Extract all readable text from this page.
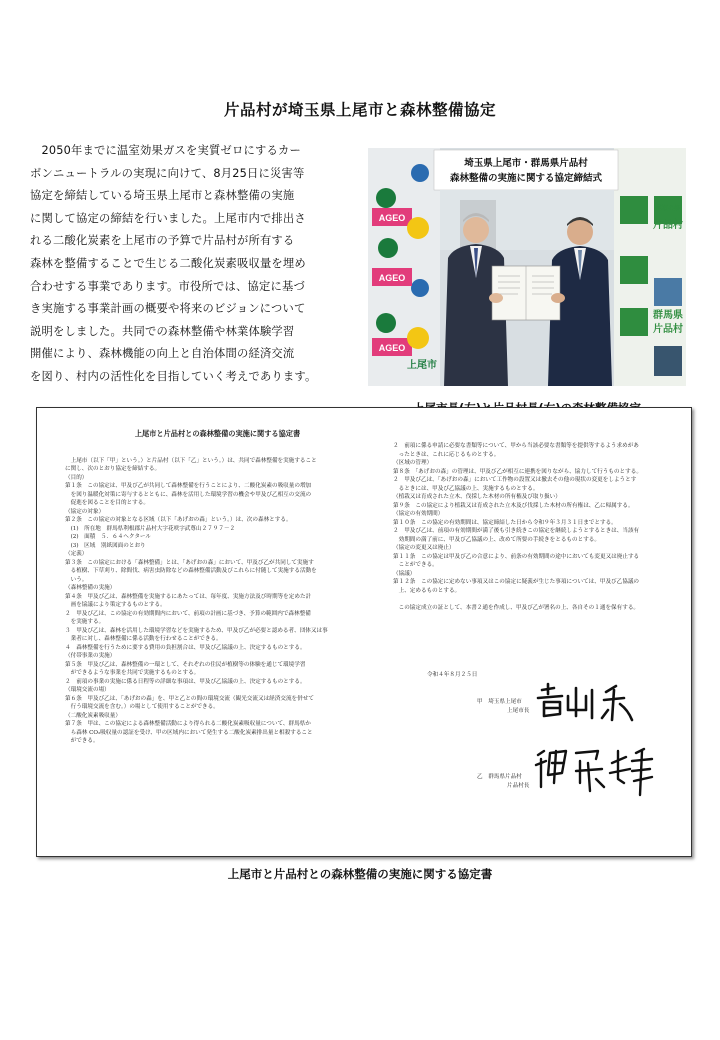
片品村が埼玉県上尾市と森林整備協定

　2050年までに温室効果ガスを実質ゼロにするカー
ボンニュートラルの実現に向けて、8月25日に災害等
協定を締結している埼玉県上尾市と森林整備の実施
に関して協定の締結を行いました。上尾市内で排出さ
れる二酸化炭素を上尾市の予算で片品村が所有する
森林を整備することで生じる二酸化炭素吸収量を埋め
合わせする事業であります。市役所では、協定に基づ
き実施する事業計画の概要や将来のビジョンについて
説明をしました。共同での森林整備や林業体験学習
開催により、森林機能の向上と自治体間の経済交流
を図り、村内の活性化を目指していく考えであります。

AGEO
AGEO
AGEO
上尾市
尾瀬の郷
片品村
群馬県
片品村
埼玉県上尾市・群馬県片品村
森林整備の実施に関する協定締結式

上尾市と片品村との森林整備の実施に関する協定書

　上尾市（以下「甲」という。）と片品村（以下「乙」という。）は、共同で森林整備を実施すること

に関し、次のとおり協定を締結する。

（目的）

第１条　この協定は、甲及び乙が共同して森林整備を行うことにより、二酸化炭素の吸収量の増加

　を図り温暖化対策に寄与するとともに、森林を活用した環境学習の機会や甲及び乙相互の交流の

　促進を図ることを目的とする。

（協定の対象）

第２条　この協定の対象となる区域（以下「あげおの森」という。）は、次の森林とする。

　(1)　所在地　群馬県利根郡片品村大字花咲字武尊山２７９７－２

　(2)　面積　５．６４ヘクタール

　(3)　区域　別紙図面のとおり

（定義）

第３条　この協定における「森林整備」とは、「あげおの森」において、甲及び乙が共同して実施す

　る植樹、下草刈り、除間伐、病害虫防除などの森林整備活動及びこれらに付随して実施する活動を

　いう。

（森林整備の実施）

第４条　甲及び乙は、森林整備を実施するにあたっては、毎年度、実施方法及び時期等を定めた計

　画を協議により策定するものとする。

２　甲及び乙は、この協定の有効期間内において、前項の計画に基づき、予算の範囲内で森林整備

　を実施する。

３　甲及び乙は、森林を活用した環境学習などを実施するため、甲及び乙が必要と認める者、団体又は事

　業者に対し、森林整備に係る活動を行わせることができる。

４　森林整備を行うために要する費用の負担割合は、甲及び乙協議の上、決定するものとする。

（付帯事業の実施）

第５条　甲及び乙は、森林整備の一環として、それぞれの住民が植樹等の体験を通じて環境学習

　ができるような事業を共同で実施するものとする。

２　前項の事業の実施に係る日程等の詳細な事項は、甲及び乙協議の上、決定するものとする。

（環境交流の場）

第６条　甲及び乙は、「あげおの森」を、甲と乙との間の環境交流（観光交流又は経済交流を併せて

　行う環境交流を含む。）の場として使用することができる。

（二酸化炭素吸収量）

第７条　甲は、この協定による森林整備活動により得られる二酸化炭素吸収量について、群馬県か

　ら森林 CO₂吸収量の認証を受け、甲の区域内において発生する二酸化炭素排出量と相殺すること

　ができる。

２　前項に係る申請に必要な書類等について、甲から当該必要な書類等を提供等するよう求めがあ

　ったときは、これに応じるものとする。

（区域の管理）

第８条　「あげおの森」の管理は、甲及び乙が相互に連携を図りながら、協力して行うものとする。

２　甲及び乙は、「あげおの森」において工作物の設置又は撤去その他の現状の変更をしようとす

　るときには、甲及び乙協議の上、実施するものとする。

（植栽又は育成された立木、伐採した木材の所有権及び取り扱い）

第９条　この協定により植栽又は育成された立木及び伐採した木材の所有権は、乙に帰属する。

（協定の有効期間）

第１０条　この協定の有効期間は、協定締結した日から令和９年３月３１日までとする。

２　甲及び乙は、前項の有効期間が満了後も引き続きこの協定を継続しようとするときは、当該有

　効期間の満了前に、甲及び乙協議の上、改めて所要の手続きをとるものとする。

（協定の変更又は廃止）

第１１条　この協定は甲及び乙の合意により、前条の有効期間の途中においても変更又は廃止する

　ことができる。

（協議）

第１２条　この協定に定めない事項又はこの協定に疑義が生じた事項については、甲及び乙協議の

　上、定めるものとする。

　この協定成立の証として、本書２通を作成し、甲及び乙が署名の上、各自その１通を保有する。

令和４年８月２５日
甲　埼玉県上尾市
上尾市長
乙　群馬県片品村
片品村長

上尾市と片品村との森林整備の実施に関する協定書
